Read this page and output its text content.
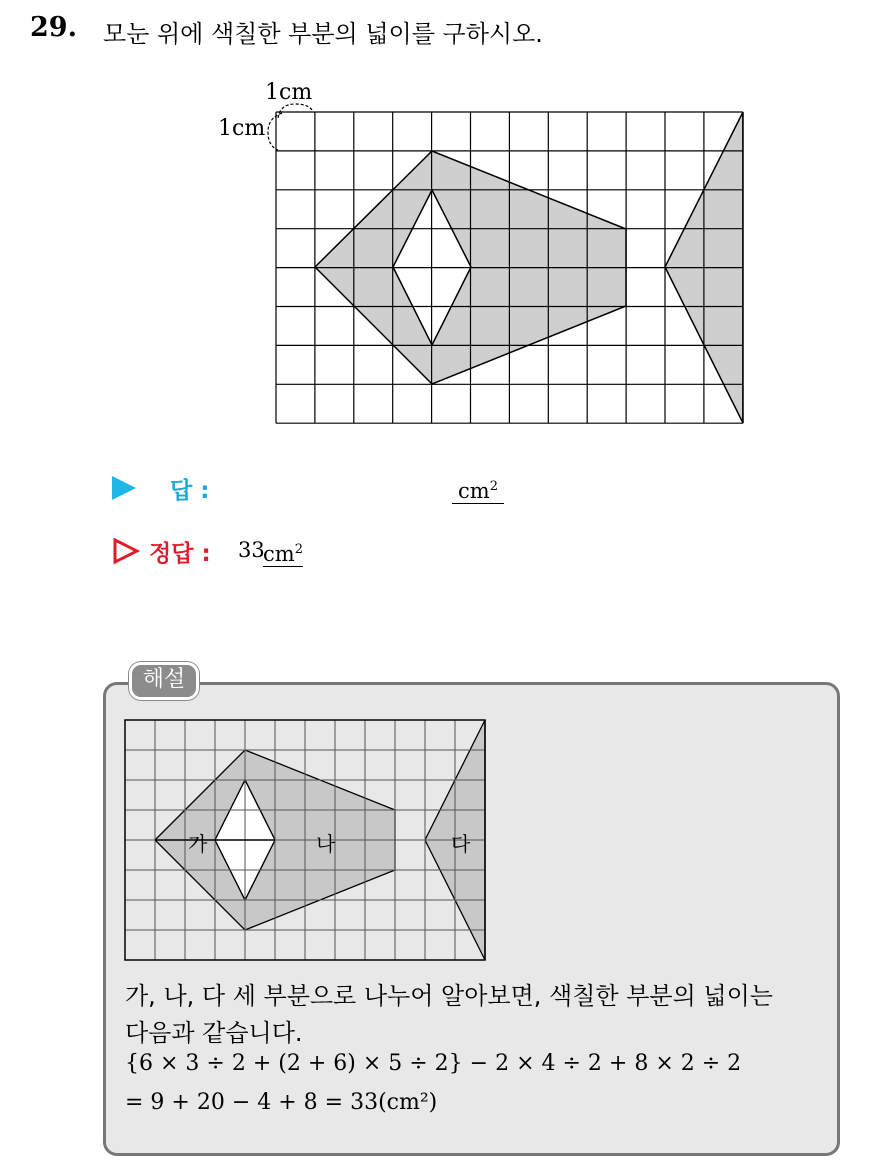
29. 모눈 위에 색칠한 부분의 넓이를 구하시오.
1cm
1cm
답 :	$cm^2$
정답 : 33
$cm^2$
해설
가	나	다
가, 나, 다 세 부분으로 나누어 알아보면, 색칠한 부분의 넓이는
다음과 같습니다.
{6 × 3 ÷ 2 + (2 + 6) × 5 ÷ 2} − 2 × 4 ÷ 2 + 8 × 2 ÷ 2
= 9 + 20 − 4 + 8 = 33(cm²)
